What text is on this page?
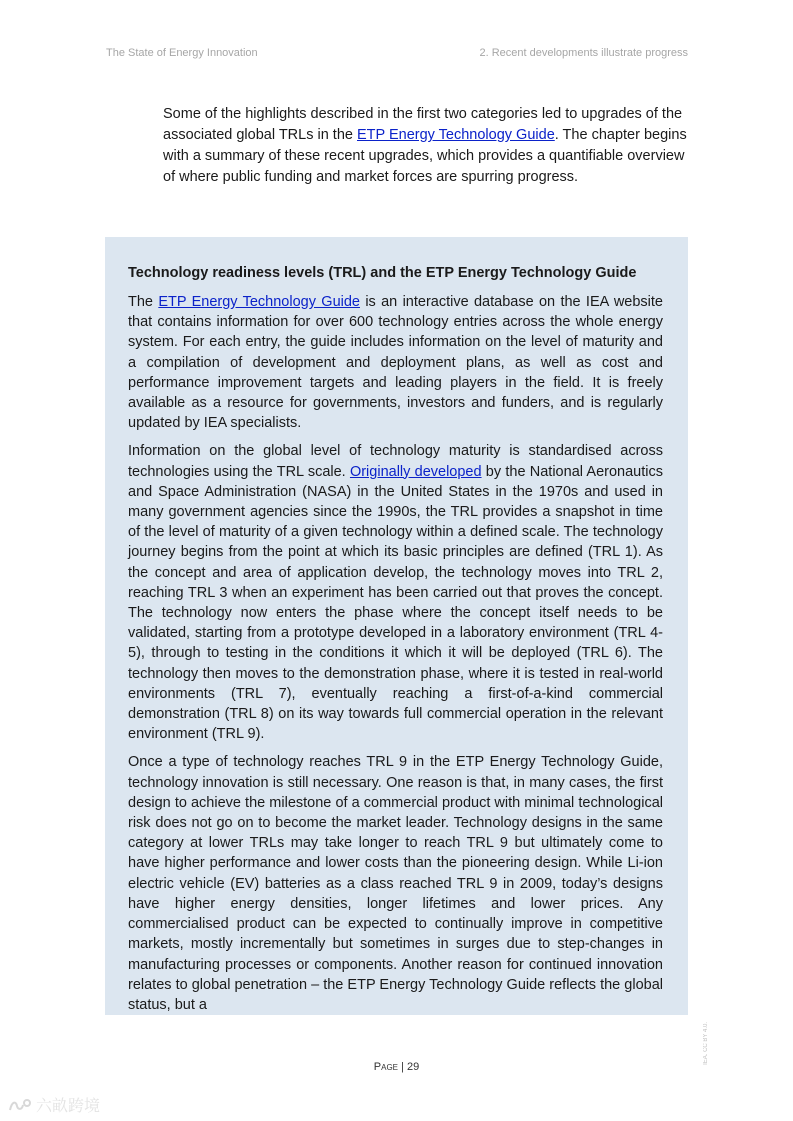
The State of Energy Innovation	2. Recent developments illustrate progress

Some of the highlights described in the first two categories led to upgrades of the associated global TRLs in the ETP Energy Technology Guide. The chapter begins with a summary of these recent upgrades, which provides a quantifiable overview of where public funding and market forces are spurring progress.

Technology readiness levels (TRL) and the ETP Energy Technology Guide

The ETP Energy Technology Guide is an interactive database on the IEA website that contains information for over 600 technology entries across the whole energy system. For each entry, the guide includes information on the level of maturity and a compilation of development and deployment plans, as well as cost and performance improvement targets and leading players in the field. It is freely available as a resource for governments, investors and funders, and is regularly updated by IEA specialists.

Information on the global level of technology maturity is standardised across technologies using the TRL scale. Originally developed by the National Aeronautics and Space Administration (NASA) in the United States in the 1970s and used in many government agencies since the 1990s, the TRL provides a snapshot in time of the level of maturity of a given technology within a defined scale. The technology journey begins from the point at which its basic principles are defined (TRL 1). As the concept and area of application develop, the technology moves into TRL 2, reaching TRL 3 when an experiment has been carried out that proves the concept. The technology now enters the phase where the concept itself needs to be validated, starting from a prototype developed in a laboratory environment (TRL 4-5), through to testing in the conditions it which it will be deployed (TRL 6). The technology then moves to the demonstration phase, where it is tested in real-world environments (TRL 7), eventually reaching a first-of-a-kind commercial demonstration (TRL 8) on its way towards full commercial operation in the relevant environment (TRL 9).

Once a type of technology reaches TRL 9 in the ETP Energy Technology Guide, technology innovation is still necessary. One reason is that, in many cases, the first design to achieve the milestone of a commercial product with minimal technological risk does not go on to become the market leader. Technology designs in the same category at lower TRLs may take longer to reach TRL 9 but ultimately come to have higher performance and lower costs than the pioneering design. While Li-ion electric vehicle (EV) batteries as a class reached TRL 9 in 2009, today’s designs have higher energy densities, longer lifetimes and lower prices. Any commercialised product can be expected to continually improve in competitive markets, mostly incrementally but sometimes in surges due to step-changes in manufacturing processes or components. Another reason for continued innovation relates to global penetration – the ETP Energy Technology Guide reflects the global status, but a

IEA. CC BY 4.0.
Page | 29
六畝跨境
